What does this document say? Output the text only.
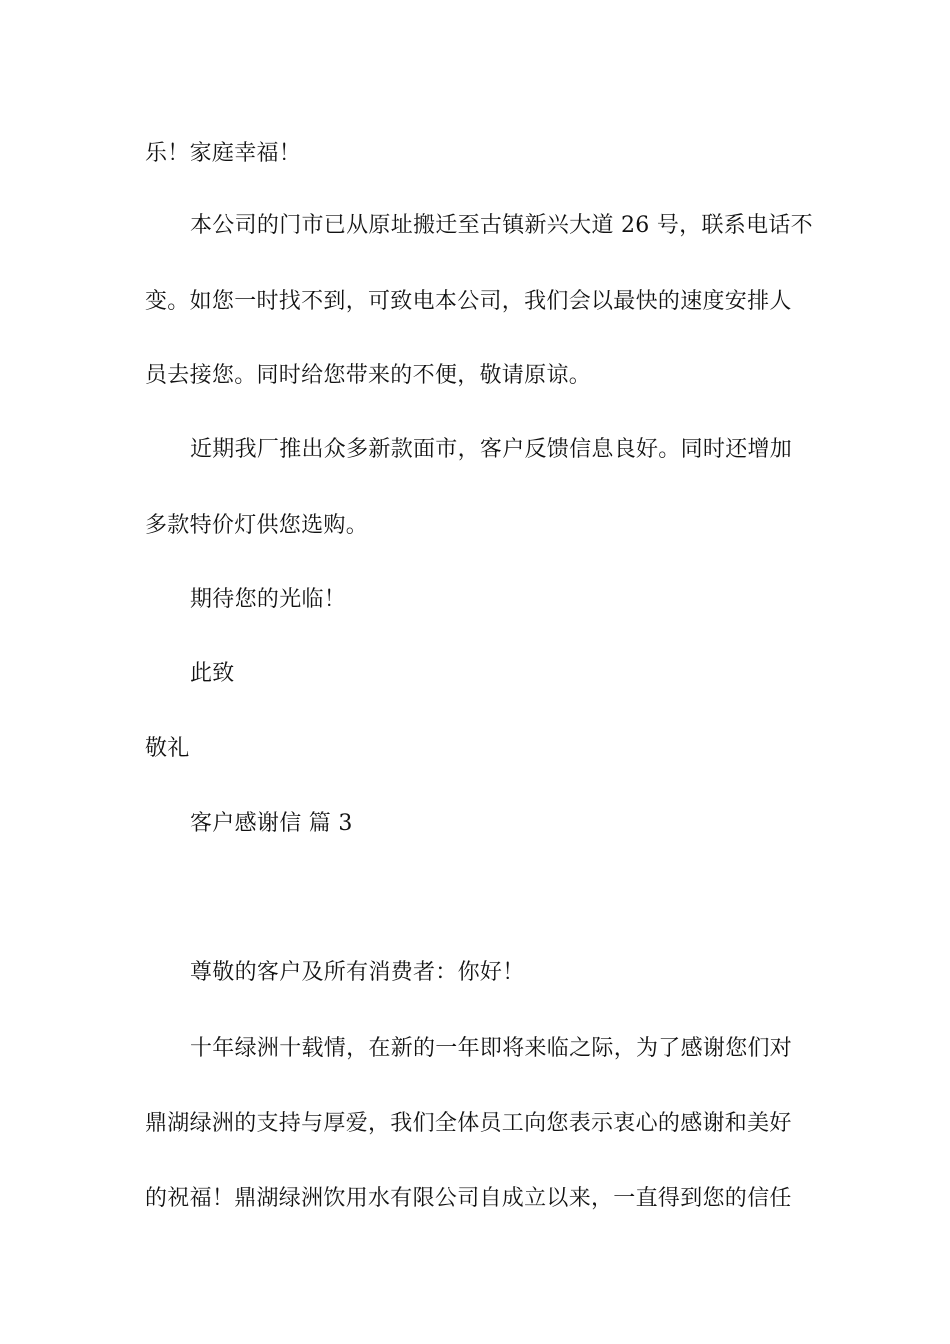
乐！家庭幸福！
本公司的门市已从原址搬迁至古镇新兴大道 26 号，联系电话不
变。如您一时找不到，可致电本公司，我们会以最快的速度安排人
员去接您。同时给您带来的不便，敬请原谅。
近期我厂推出众多新款面市，客户反馈信息良好。同时还增加
多款特价灯供您选购。
期待您的光临！
此致
敬礼
客户感谢信 篇 3
尊敬的客户及所有消费者：你好！
十年绿洲十载情，在新的一年即将来临之际，为了感谢您们对
鼎湖绿洲的支持与厚爱，我们全体员工向您表示衷心的感谢和美好
的祝福！鼎湖绿洲饮用水有限公司自成立以来，一直得到您的信任
